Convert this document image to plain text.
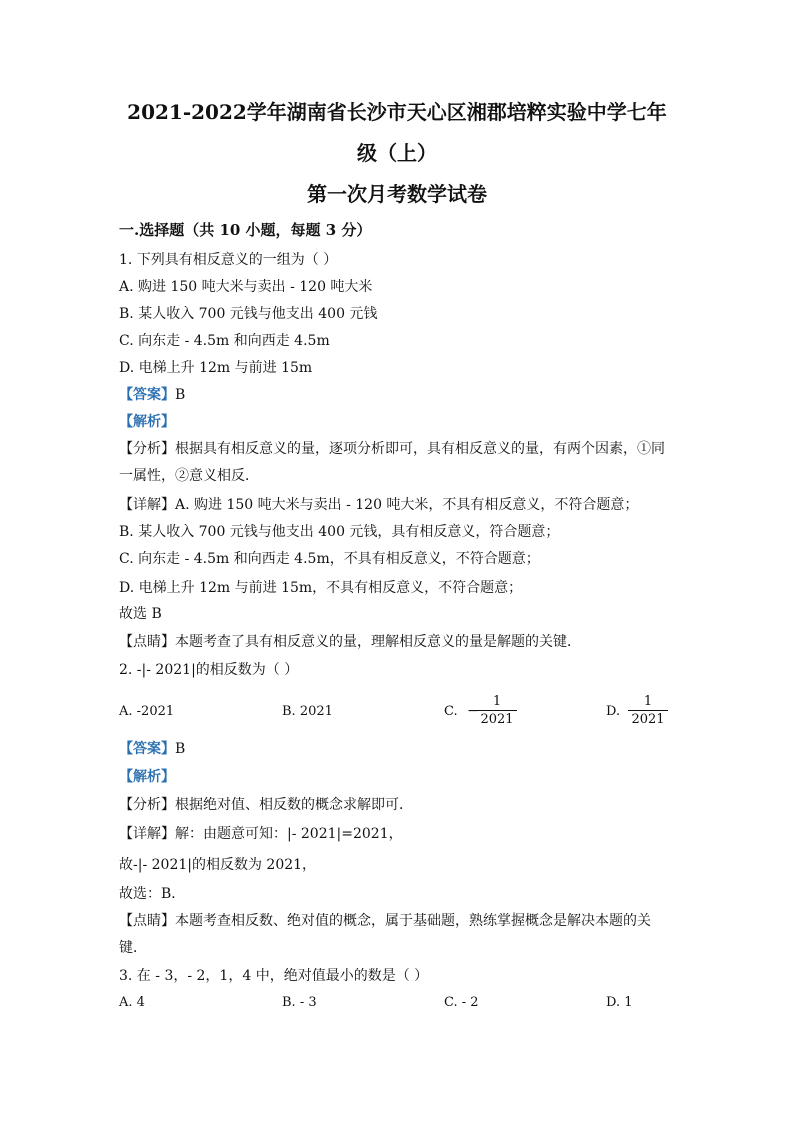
2021-2022学年湖南省长沙市天心区湘郡培粹实验中学七年
级（上）
第一次月考数学试卷
一.选择题（共 10 小题，每题 3 分）
1. 下列具有相反意义的一组为（ ）
A. 购进 150 吨大米与卖出 - 120 吨大米
B. 某人收入 700 元钱与他支出 400 元钱
C. 向东走 - 4.5m 和向西走 4.5m
D. 电梯上升 12m 与前进 15m
【答案】B
【解析】
【分析】根据具有相反意义的量，逐项分析即可，具有相反意义的量，有两个因素，①同
一属性，②意义相反．
【详解】A. 购进 150 吨大米与卖出 - 120 吨大米，不具有相反意义，不符合题意；
B. 某人收入 700 元钱与他支出 400 元钱，具有相反意义，符合题意；
C. 向东走 - 4.5m 和向西走 4.5m，不具有相反意义，不符合题意；
D. 电梯上升 12m 与前进 15m，不具有相反意义，不符合题意；
故选 B
【点睛】本题考查了具有相反意义的量，理解相反意义的量是解题的关键．
2. -|- 2021|的相反数为（ ）
A. -2021	B. 2021	C. −
$\frac{1}{2021}$	D. $\frac{1}{2021}$
【答案】B
【解析】
【分析】根据绝对值、相反数的概念求解即可．
【详解】解：由题意可知：|- 2021|=2021，
故-|- 2021|的相反数为 2021，
故选：B．
【点睛】本题考查相反数、绝对值的概念，属于基础题，熟练掌握概念是解决本题的关
键．
3. 在 - 3，- 2，1，4 中，绝对值最小的数是（ ）
A. 4	B. - 3	C. - 2	D. 1
